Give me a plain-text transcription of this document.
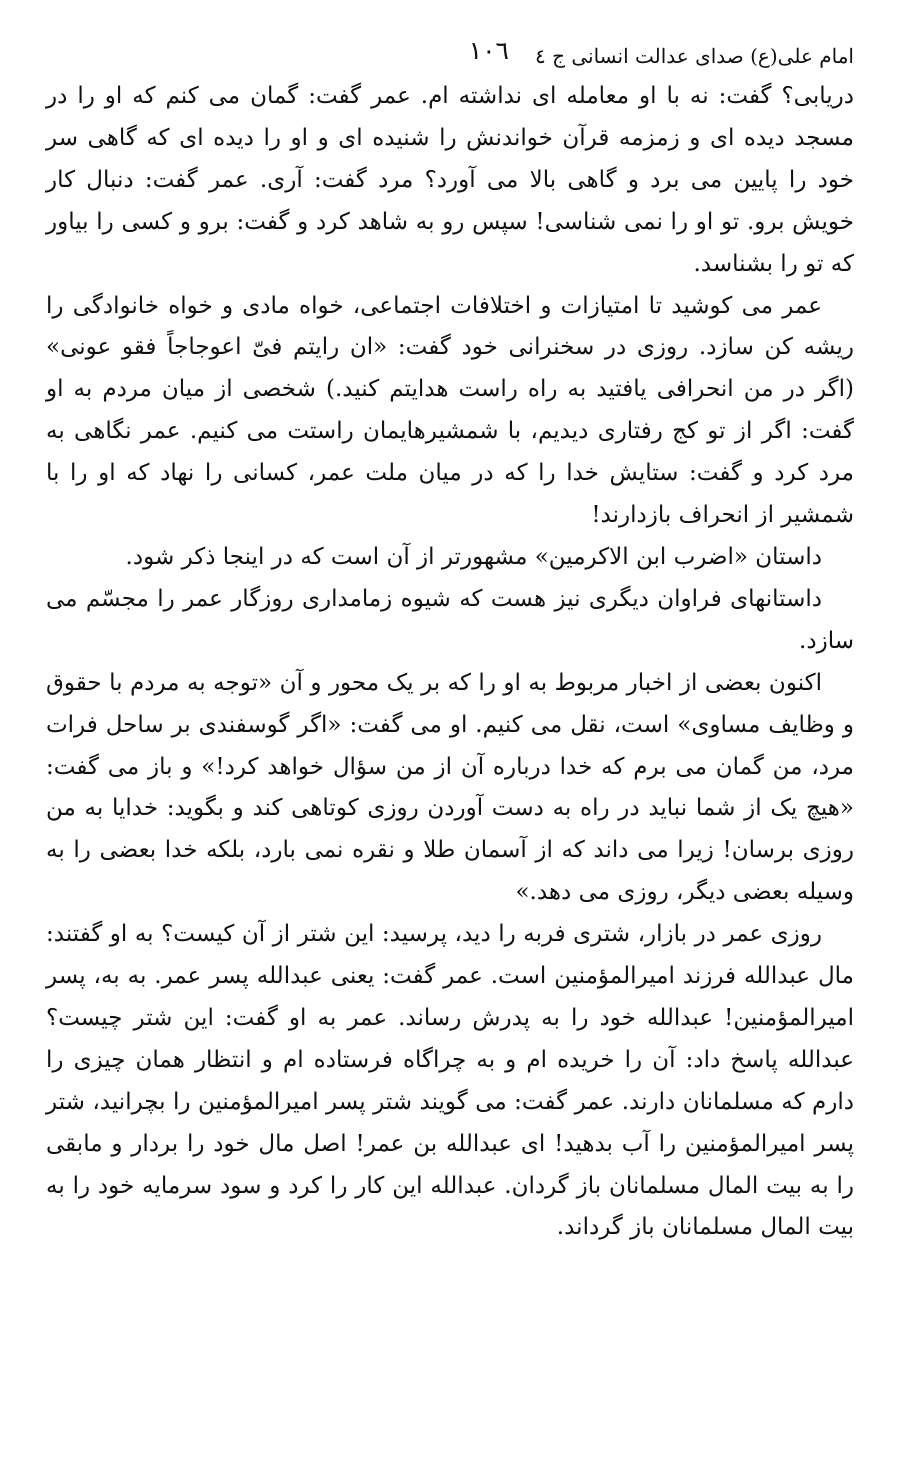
امام علی(ع) صدای عدالت انسانی ج ٤
١٠٦

دریابی؟ گفت: نه با او معامله ای نداشته ام. عمر گفت: گمان می کنم که او را در مسجد دیده ای و زمزمه قرآن خواندنش را شنیده ای و او را دیده ای که گاهی سر خود را پایین می برد و گاهی بالا می آورد؟ مرد گفت: آری. عمر گفت: دنبال کار خویش برو. تو او را نمی شناسی! سپس رو به شاهد کرد و گفت: برو و کسی را بیاور که تو را بشناسد.

عمر می کوشید تا امتیازات و اختلافات اجتماعی، خواه مادی و خواه خانوادگی را ریشه کن سازد. روزی در سخنرانی خود گفت: «ان رایتم فیّ اعوجاجاً فقو عونی» (اگر در من انحرافی یافتید به راه راست هدایتم کنید.) شخصی از میان مردم به او گفت: اگر از تو کج رفتاری دیدیم، با شمشیرهایمان راستت می کنیم. عمر نگاهی به مرد کرد و گفت: ستایش خدا را که در میان ملت عمر، کسانی را نهاد که او را با شمشیر از انحراف بازدارند!

داستان «اضرب ابن الاکرمین» مشهورتر از آن است که در اینجا ذکر شود.

داستانهای فراوان دیگری نیز هست که شیوه زمامداری روزگار عمر را مجسّم می سازد.

اکنون بعضی از اخبار مربوط به او را که بر یک محور و آن «توجه به مردم با حقوق و وظایف مساوی» است، نقل می کنیم. او می گفت: «اگر گوسفندی بر ساحل فرات مرد، من گمان می برم که خدا درباره آن از من سؤال خواهد کرد!» و باز می گفت: «هیچ یک از شما نباید در راه به دست آوردن روزی کوتاهی کند و بگوید: خدایا به من روزی برسان! زیرا می داند که از آسمان طلا و نقره نمی بارد، بلکه خدا بعضی را به وسیله بعضی دیگر، روزی می دهد.»

روزی عمر در بازار، شتری فربه را دید، پرسید: این شتر از آن کیست؟ به او گفتند: مال عبدالله فرزند امیرالمؤمنین است. عمر گفت: یعنی عبدالله پسر عمر. به به، پسر امیرالمؤمنین! عبدالله خود را به پدرش رساند. عمر به او گفت: این شتر چیست؟ عبدالله پاسخ داد: آن را خریده ام و به چراگاه فرستاده ام و انتظار همان چیزی را دارم که مسلمانان دارند. عمر گفت: می گویند شتر پسر امیرالمؤمنین را بچرانید، شتر پسر امیرالمؤمنین را آب بدهید! ای عبدالله بن عمر! اصل مال خود را بردار و مابقی را به بیت المال مسلمانان باز گردان. عبدالله این کار را کرد و سود سرمایه خود را به بیت المال مسلمانان باز گرداند.
